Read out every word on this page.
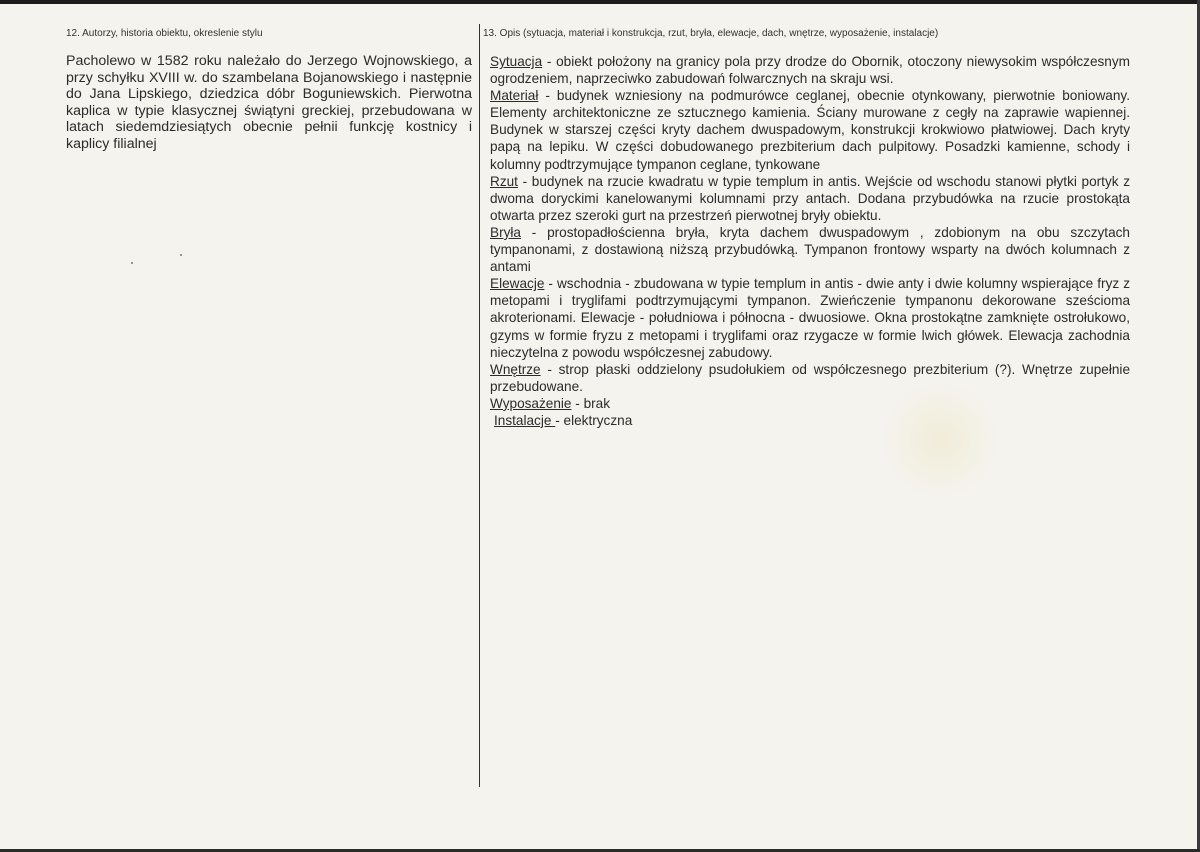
12. Autorzy, historia obiektu, okreslenie stylu

Pacholewo w 1582 roku należało do Jerzego Wojnowskiego, a przy schyłku XVIII w. do szambelana Bojanowskiego i następnie do Jana Lipskiego, dziedzica dóbr Boguniewskich. Pierwotna kaplica w typie klasycznej świątyni greckiej, przebudowana w latach siedemdziesiątych obecnie pełnii funkcję kostnicy i kaplicy filialnej

13. Opis (sytuacja, materiał i konstrukcja, rzut, bryła, elewacje, dach, wnętrze, wyposażenie, instalacje)

Sytuacja - obiekt położony na granicy pola przy drodze do Obornik, otoczony niewysokim współczesnym ogrodzeniem, naprzeciwko zabudowań folwarcznych na skraju wsi.

Materiał - budynek wzniesiony na podmurówce ceglanej, obecnie otynkowany, pierwotnie boniowany. Elementy architektoniczne ze sztucznego kamienia. Ściany murowane z cegły na zaprawie wapiennej. Budynek w starszej części kryty dachem dwuspadowym, konstrukcji krokwiowo płatwiowej. Dach kryty papą na lepiku. W części dobudowanego prezbiterium dach pulpitowy. Posadzki kamienne, schody i kolumny podtrzymujące tympanon ceglane, tynkowane

Rzut - budynek na rzucie kwadratu w typie templum in antis. Wejście od wschodu stanowi płytki portyk z dwoma doryckimi kanelowanymi kolumnami przy antach. Dodana przybudówka na rzucie prostokąta otwarta przez szeroki gurt na przestrzeń pierwotnej bryły obiektu.

Bryła - prostopadłościenna bryła, kryta dachem dwuspadowym , zdobionym na obu szczytach tympanonami, z dostawioną niższą przybudówką. Tympanon frontowy wsparty na dwóch kolumnach z antami

Elewacje - wschodnia - zbudowana w typie templum in antis - dwie anty i dwie kolumny wspierające fryz z metopami i tryglifami podtrzymującymi tympanon. Zwieńczenie tympanonu dekorowane sześcioma akroterionami. Elewacje - południowa i północna - dwuosiowe. Okna prostokątne zamknięte ostrołukowo, gzyms w formie fryzu z metopami i tryglifami oraz rzygacze w formie lwich główek. Elewacja zachodnia nieczytelna z powodu współczesnej zabudowy.

Wnętrze - strop płaski oddzielony psudołukiem od współczesnego prezbiterium (?). Wnętrze zupełnie przebudowane.

Wyposażenie - brak

Instalacje - elektryczna
